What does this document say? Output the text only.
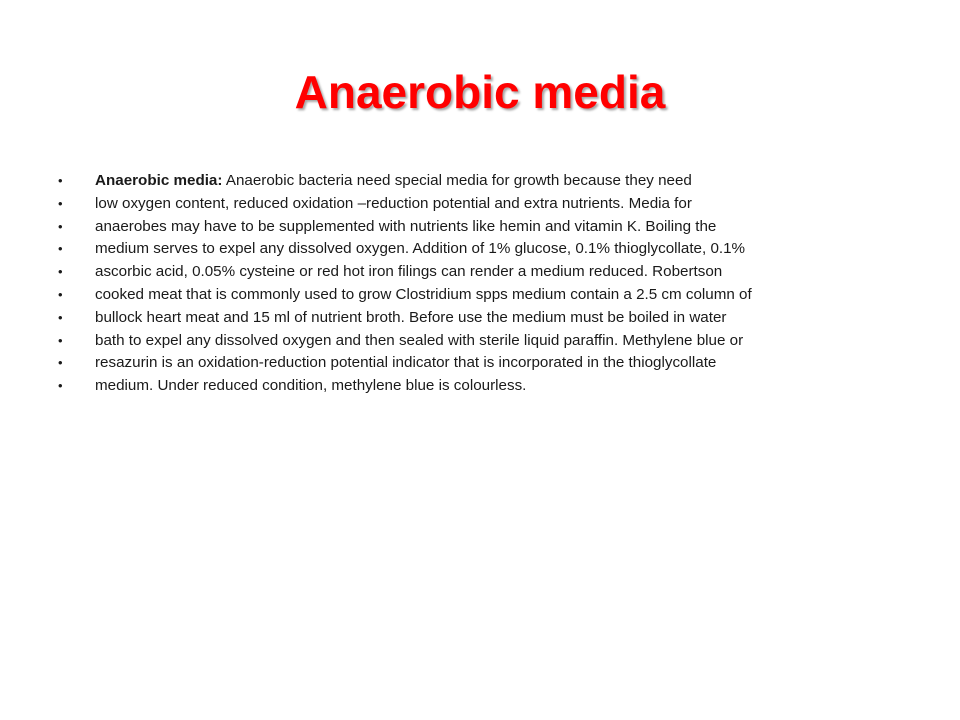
Anaerobic media
• Anaerobic media: Anaerobic bacteria need special media for growth because they need
• low oxygen content, reduced oxidation –reduction potential and extra nutrients. Media for
• anaerobes may have to be supplemented with nutrients like hemin and vitamin K. Boiling the
• medium serves to expel any dissolved oxygen. Addition of 1% glucose, 0.1% thioglycollate, 0.1%
• ascorbic acid, 0.05% cysteine or red hot iron filings can render a medium reduced. Robertson
• cooked meat that is commonly used to grow Clostridium spps medium contain a 2.5 cm column of
• bullock heart meat and 15 ml of nutrient broth. Before use the medium must be boiled in water
• bath to expel any dissolved oxygen and then sealed with sterile liquid paraffin. Methylene blue or
• resazurin is an oxidation-reduction potential indicator that is incorporated in the thioglycollate
• medium. Under reduced condition, methylene blue is colourless.
